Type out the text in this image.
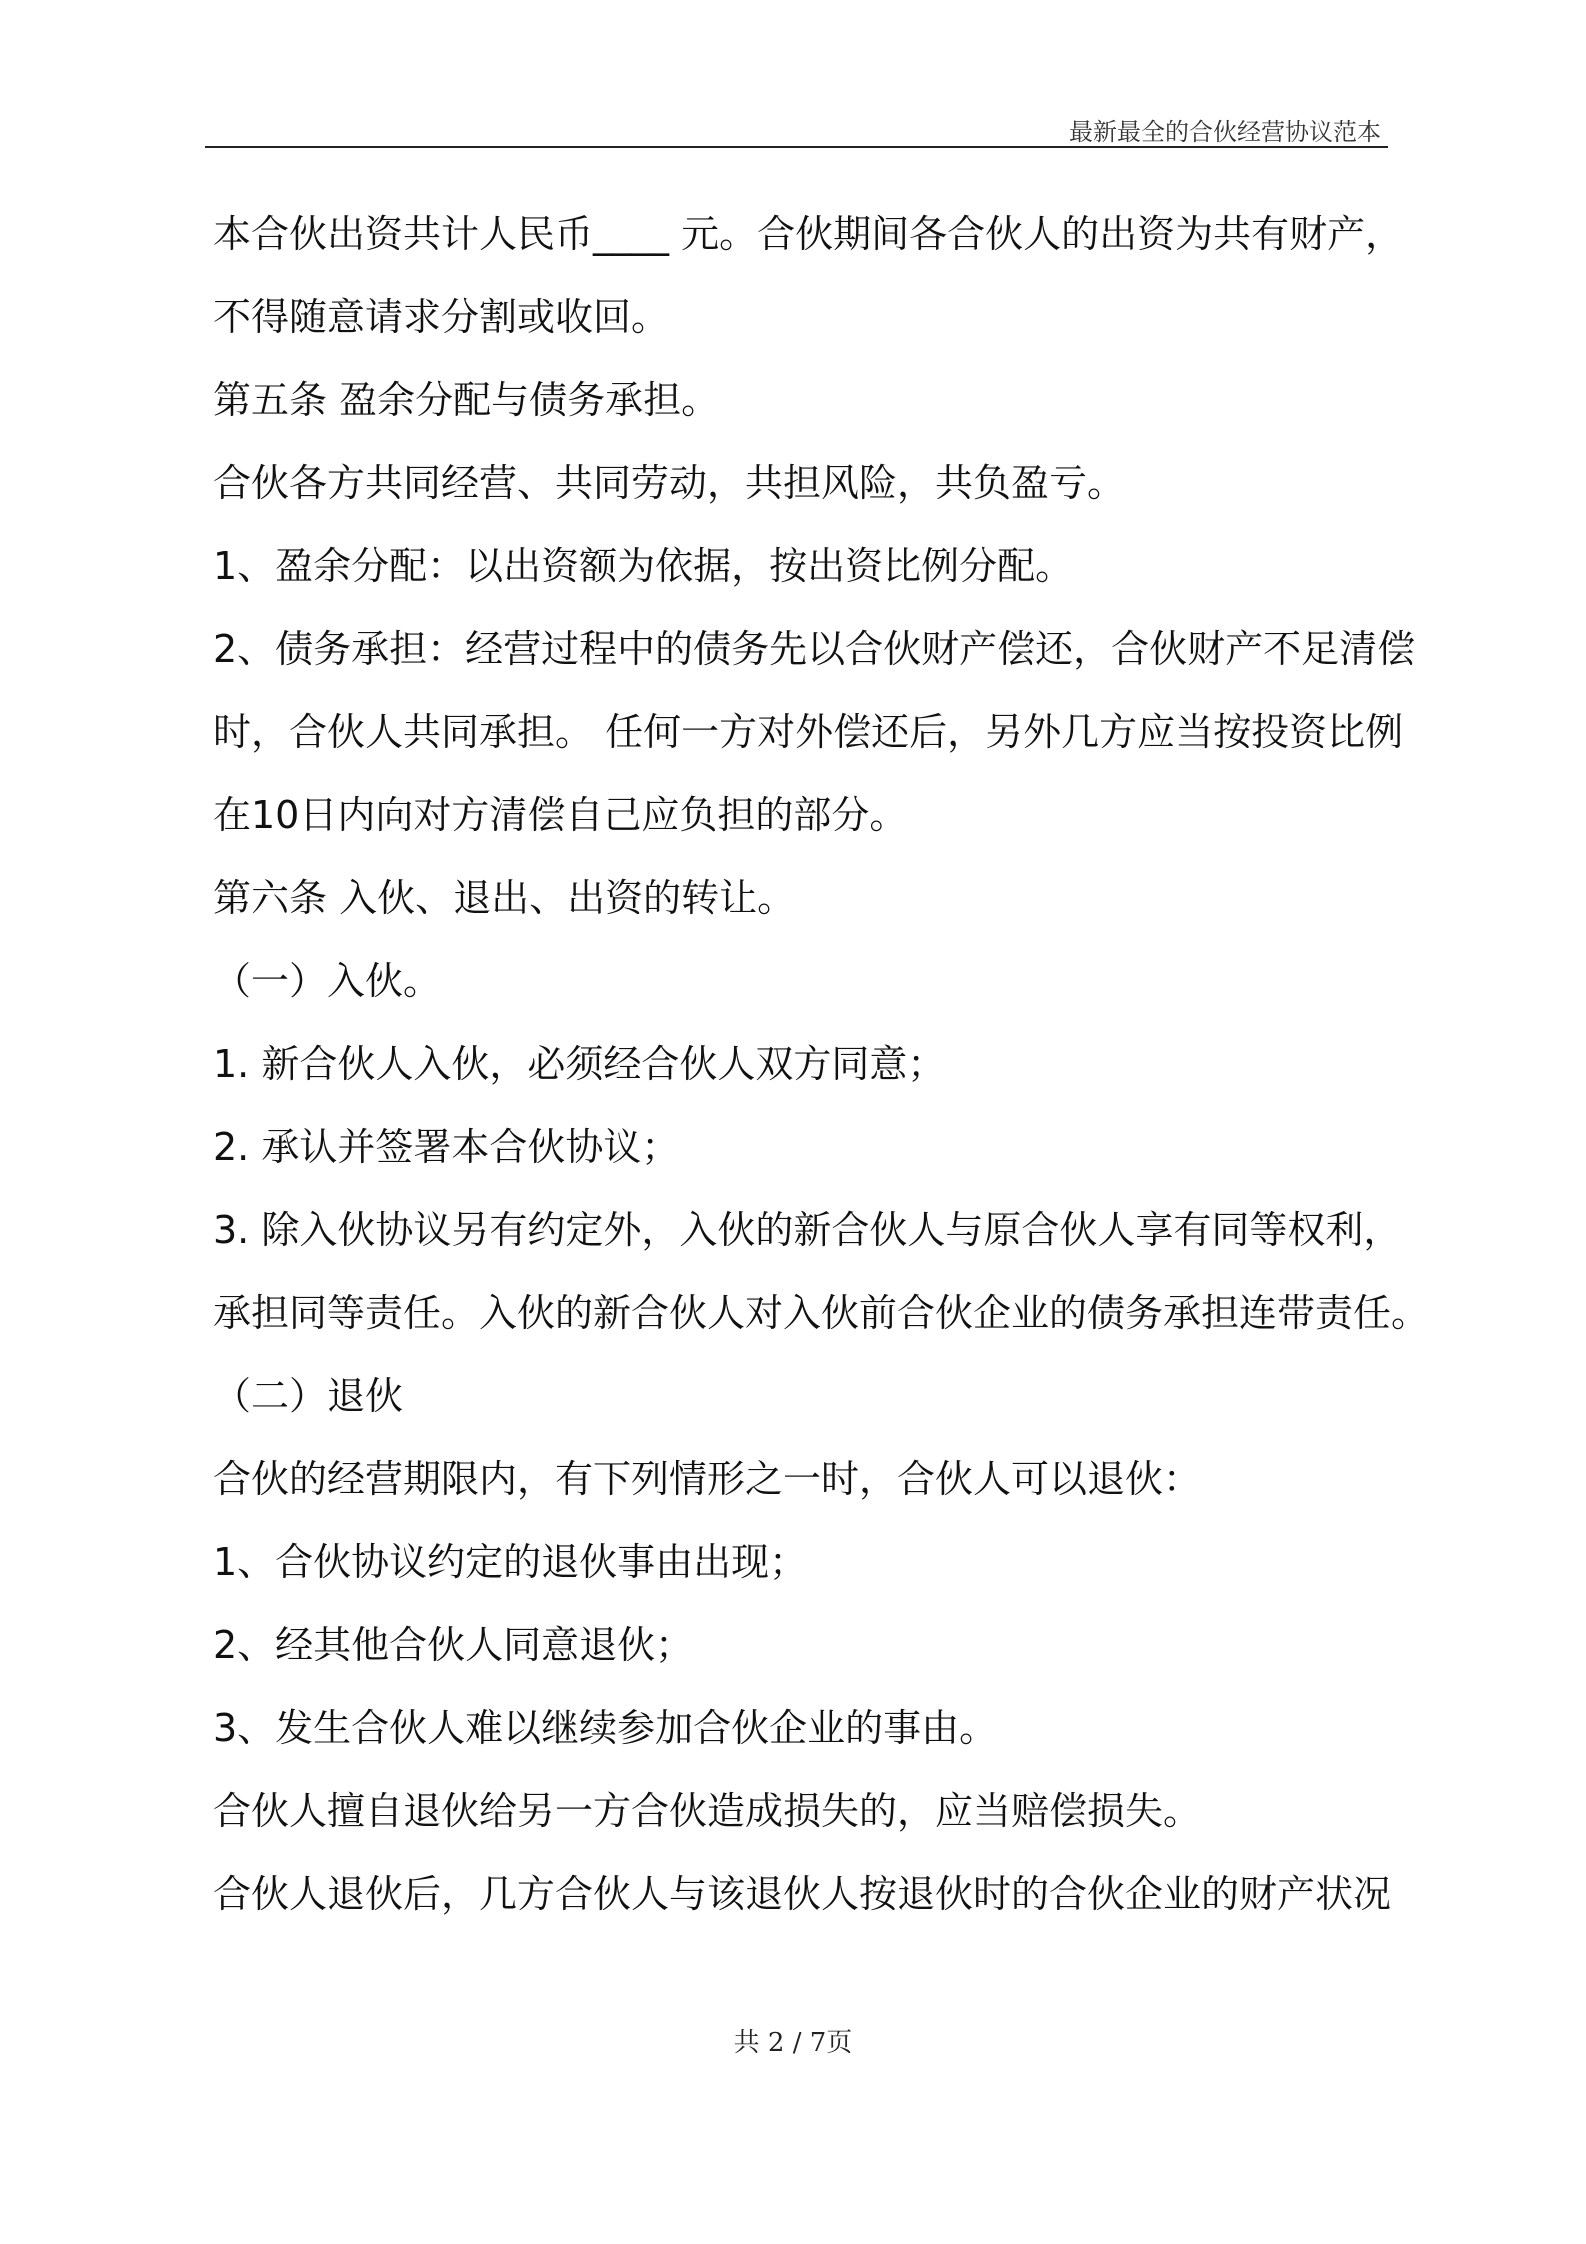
最新最全的合伙经营协议范本
本合伙出资共计人民币____ 元。合伙期间各合伙人的出资为共有财产，
不得随意请求分割或收回。
第五条 盈余分配与债务承担。
合伙各方共同经营、共同劳动，共担风险，共负盈亏。
1、盈余分配：以出资额为依据，按出资比例分配。
2、债务承担：经营过程中的债务先以合伙财产偿还，合伙财产不足清偿
时，合伙人共同承担。 任何一方对外偿还后，另外几方应当按投资比例
在10日内向对方清偿自己应负担的部分。
第六条 入伙、退出、出资的转让。
（一）入伙。
1. 新合伙人入伙，必须经合伙人双方同意；
2. 承认并签署本合伙协议；
3. 除入伙协议另有约定外，入伙的新合伙人与原合伙人享有同等权利，
承担同等责任。入伙的新合伙人对入伙前合伙企业的债务承担连带责任。
（二）退伙
合伙的经营期限内，有下列情形之一时，合伙人可以退伙：
1、合伙协议约定的退伙事由出现；
2、经其他合伙人同意退伙；
3、发生合伙人难以继续参加合伙企业的事由。
合伙人擅自退伙给另一方合伙造成损失的，应当赔偿损失。
合伙人退伙后，几方合伙人与该退伙人按退伙时的合伙企业的财产状况
共 2 / 7页
